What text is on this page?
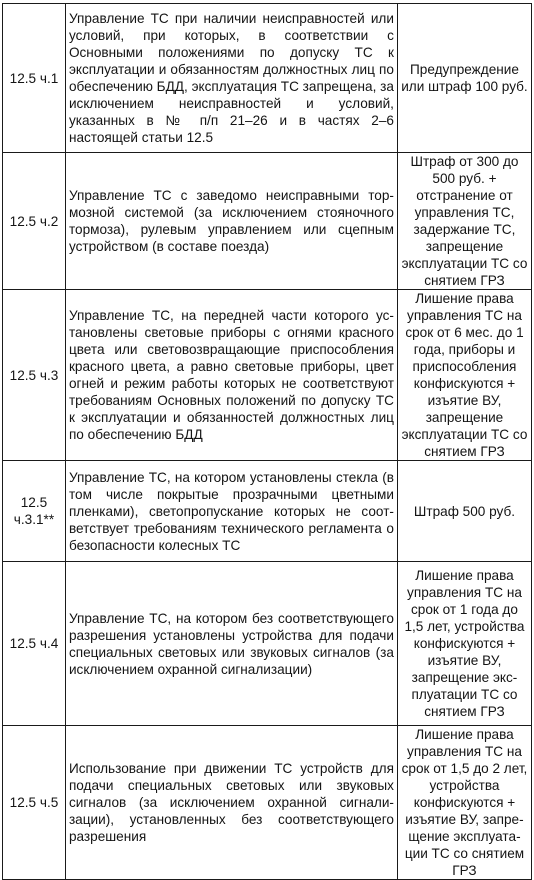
12.5 ч.1	Управление ТС при наличии неисправностей или условий, при которых, в соответствии с Основными положениями по допуску ТС к эксплуатации и обязанностям должностных лиц по обеспечению БДД, эксплуатация ТС запрещена, за исключением неисправностей и условий, указанных в № п/п 21–26 и в частях 2–6 настоящей статьи 12.5	Предупреждение или штраф 100 руб.
12.5 ч.2	Управление ТС с заведомо неисправными тормозной системой (за исключением стояночного тормоза), рулевым управлением или сцепным устройством (в составе поезда)	Штраф от 300 до 500 руб. + отстранение от управления ТС, задержание ТС, запрещение эксплуатации ТС со снятием ГРЗ
12.5 ч.3	Управление ТС, на передней части которого установлены световые приборы с огнями красного цвета или световозвращающие приспособления красного цвета, а равно световые приборы, цвет огней и режим работы которых не соответствуют требованиям Основных положений по допуску ТС к эксплуатации и обязанностей должностных лиц по обеспечению БДД	Лишение права управления ТС на срок от 6 мес. до 1 года, приборы и приспособления конфискуются + изъятие ВУ, запрещение эксплуатации ТС со снятием ГРЗ
12.5 ч.3.1**	Управление ТС, на котором установлены стекла (в том числе покрытые прозрачными цветными пленками), светопропускание которых не соответствует требованиям технического регламента о безопасности колесных ТС	Штраф 500 руб.
12.5 ч.4	Управление ТС, на котором без соответствующего разрешения установлены устройства для подачи специальных световых или звуковых сигналов (за исключением охранной сигнализации)	Лишение права управления ТС на срок от 1 года до 1,5 лет, устройства конфискуются + изъятие ВУ, запрещение эксплуатации ТС со снятием ГРЗ
12.5 ч.5	Использование при движении ТС устройств для подачи специальных световых или звуковых сигналов (за исключением охранной сигнализации), установленных без соответствующего разрешения	Лишение права управления ТС на срок от 1,5 до 2 лет, устройства конфискуются + изъятие ВУ, запрещение эксплуатации ТС со снятием ГРЗ
